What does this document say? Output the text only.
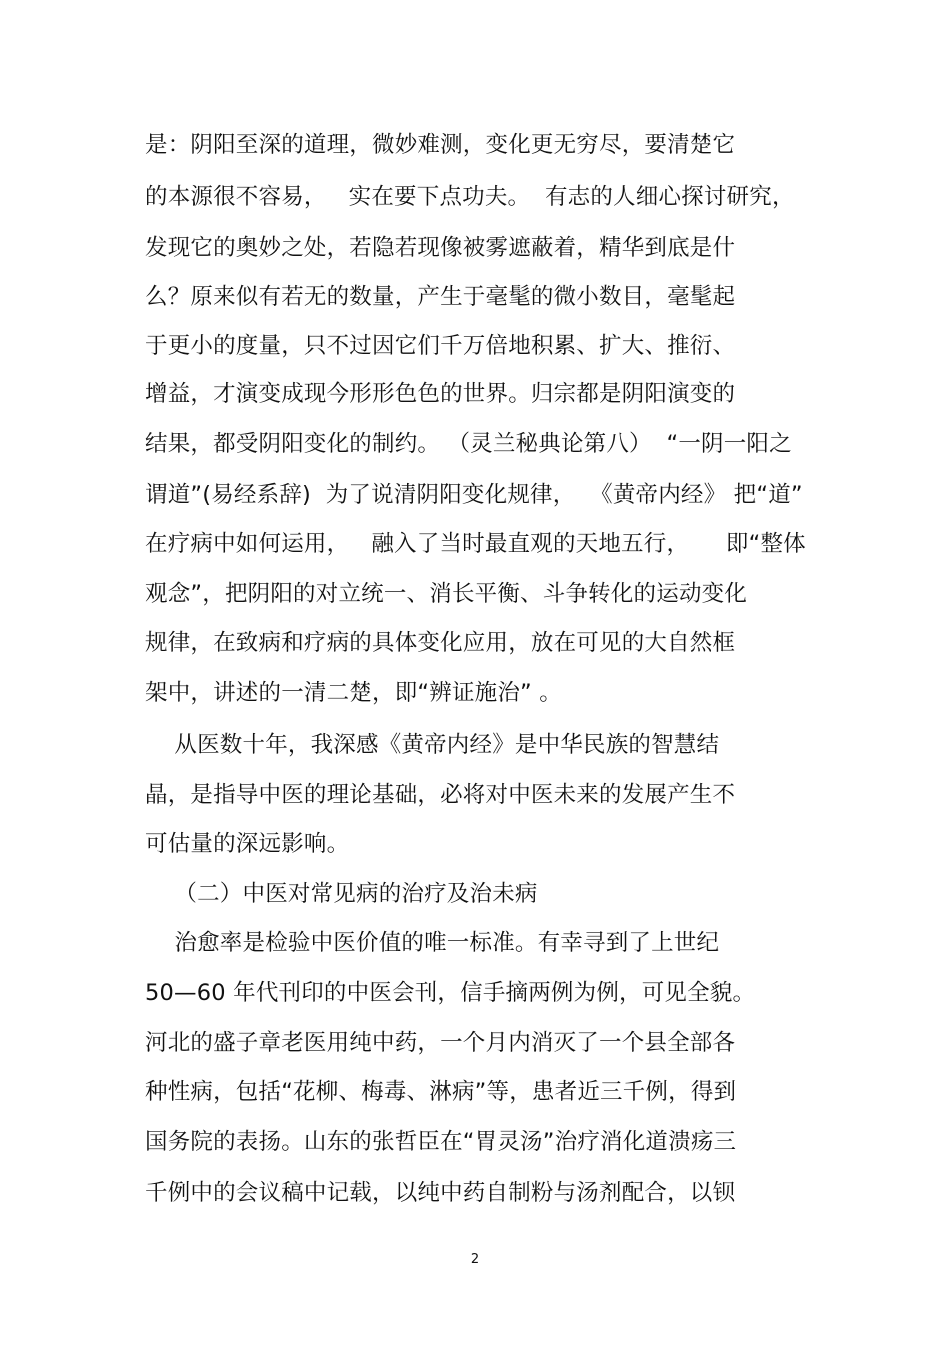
是：阴阳至深的道理，微妙难测，变化更无穷尽，要清楚它
的本源很不容易，   实在要下点功夫。  有志的人细心探讨研究，
发现它的奥妙之处，若隐若现像被雾遮蔽着，精华到底是什
么？原来似有若无的数量，产生于毫髦的微小数目，毫髦起
于更小的度量，只不过因它们千万倍地积累、扩大、推衍、
增益，才演变成现今形形色色的世界。归宗都是阴阳演变的
结果，都受阴阳变化的制约。 （灵兰秘典论第八）  “一阴一阳之
谓道”(易经系辞)  为了说清阴阳变化规律，  《黄帝内经》 把“道”
在疗病中如何运用，   融入了当时最直观的天地五行，     即“整体
观念”，把阴阳的对立统一、消长平衡、斗争转化的运动变化
规律，在致病和疗病的具体变化应用，放在可见的大自然框
架中，讲述的一清二楚，即“辨证施治” 。
从医数十年，我深感《黄帝内经》是中华民族的智慧结
晶，是指导中医的理论基础，必将对中医未来的发展产生不
可估量的深远影响。
（二）中医对常见病的治疗及治未病
治愈率是检验中医价值的唯一标准。有幸寻到了上世纪
50—60 年代刊印的中医会刊，信手摘两例为例，可见全貌。
河北的盛子章老医用纯中药，一个月内消灭了一个县全部各
种性病，包括“花柳、梅毒、淋病”等，患者近三千例，得到
国务院的表扬。山东的张哲臣在“胃灵汤”治疗消化道溃疡三
千例中的会议稿中记载，以纯中药自制粉与汤剂配合，以钡
2
